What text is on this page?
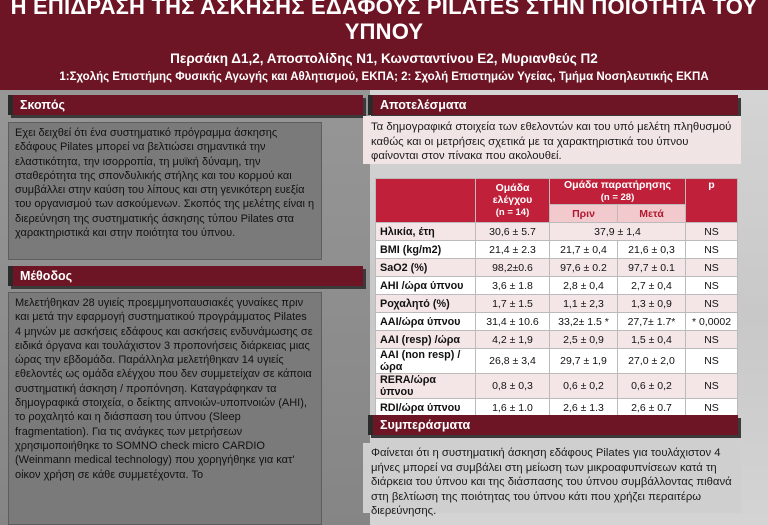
Η ΕΠΙΔΡΑΣΗ ΤΗΣ ΑΣΚΗΣΗΣ ΕΔΑΦΟΥΣ PILATES ΣΤΗΝ ΠΟΙΟΤΗΤΑ ΤΟΥ ΥΠΝΟΥ
Περσάκη Δ1,2, Αποστολίδης Ν1, Κωνσταντίνου Ε2, Μυριανθεύς Π2
1:Σχολής Επιστήμης Φυσικής Αγωγής και Αθλητισμού, ΕΚΠΑ; 2: Σχολή Επιστημών Υγείας, Τμήμα Νοσηλευτικής ΕΚΠΑ
Σκοπός
Εχει δειχθεί ότι ένα συστηματικό πρόγραμμα άσκησης εδάφους Pilates μπορεί να βελτιώσει σημαντικά την ελαστικότητα, την ισορροπία, τη μυϊκή δύναμη, την σταθερότητα της σπονδυλικής στήλης και του κορμού και συμβάλλει στην καύση του λίπους και στη γενικότερη ευεξία του οργανισμού των ασκούμενων. Σκοπός της μελέτης είναι η διερεύνηση της συστηματικής άσκησης τύπου Pilates στα χαρακτηριστικά και στην ποιότητα του ύπνου.
Μέθοδος
Μελετήθηκαν 28 υγιείς προεμμηνοπαυσιακές γυναίκες πριν και μετά την εφαρμογή συστηματικού προγράμματος Pilates 4 μηνών με ασκήσεις εδάφους και ασκήσεις ενδυνάμωσης σε ειδικά όργανα και τουλάχιστον 3 προπονήσεις διάρκειας μιας ώρας την εβδομάδα. Παράλληλα μελετήθηκαν 14 υγιείς εθελοντές ως ομάδα ελέγχου που δεν συμμετείχαν σε κάποια συστηματική άσκηση / προπόνηση. Καταγράφηκαν τα δημογραφικά στοιχεία, ο δείκτης απνοιών-υποπνοιών (AHI), το ροχαλητό και η διάσπαση του ύπνου (Sleep fragmentation). Για τις ανάγκες των μετρήσεων χρησιμοποιήθηκε το SOMNO check micro CARDIO (Weinmann medical technology) που χορηγήθηκε για κατ' οίκον χρήση σε κάθε συμμετέχοντα. Το
Αποτελέσματα
Τα δημογραφικά στοιχεία των εθελοντών και του υπό μελέτη πληθυσμού καθώς και οι μετρήσεις σχετικά με τα χαρακτηριστικά του ύπνου φαίνονται στον πίνακα που ακολουθεί.
	Ομάδα ελέγχου
(n = 14)	Ομάδα παρατήρησης
(n = 28)		p
		Πριν	Μετά	
Ηλικία, έτη	30,6 ± 5.7	37,9 ± 1,4		NS
BMI (kg/m2)	21,4 ± 2.3	21,7 ± 0,4	21,6 ± 0,3	NS
SaO2 (%)	98,2±0.6	97,6 ± 0.2	97,7 ± 0.1	NS
AHI /ώρα ύπνου	3,6 ± 1.8	2,8 ± 0,4	2,7 ± 0,4	NS
Ροχαλητό (%)	1,7 ± 1.5	1,1 ± 2,3	1,3 ± 0,9	NS
AAI/ώρα ύπνου	31,4 ± 10.6	33,2± 1.5 *	27,7± 1.7*	* 0,0002
AAI (resp) /ώρα	4,2 ± 1,9	2,5 ± 0,9	1,5 ± 0,4	NS
AAI (non resp) /ώρα	26,8 ± 3,4	29,7 ± 1,9	27,0 ± 2,0	NS
RERA/ώρα ύπνου	0,8 ± 0,3	0,6 ± 0,2	0,6 ± 0,2	NS
RDI/ώρα ύπνου	1,6 ± 1.0	2,6 ± 1.3	2,6 ± 0.7	NS
Συμπεράσματα
Φαίνεται ότι η συστηματική άσκηση εδάφους Pilates για τουλάχιστον 4 μήνες μπορεί να συμβάλει στη μείωση των μικροαφυπνίσεων κατά τη διάρκεια του ύπνου και της διάσπασης του ύπνου συμβάλλοντας πιθανά στη βελτίωση της ποιότητας του ύπνου κάτι που χρήζει περαιτέρω διερεύνησης.
